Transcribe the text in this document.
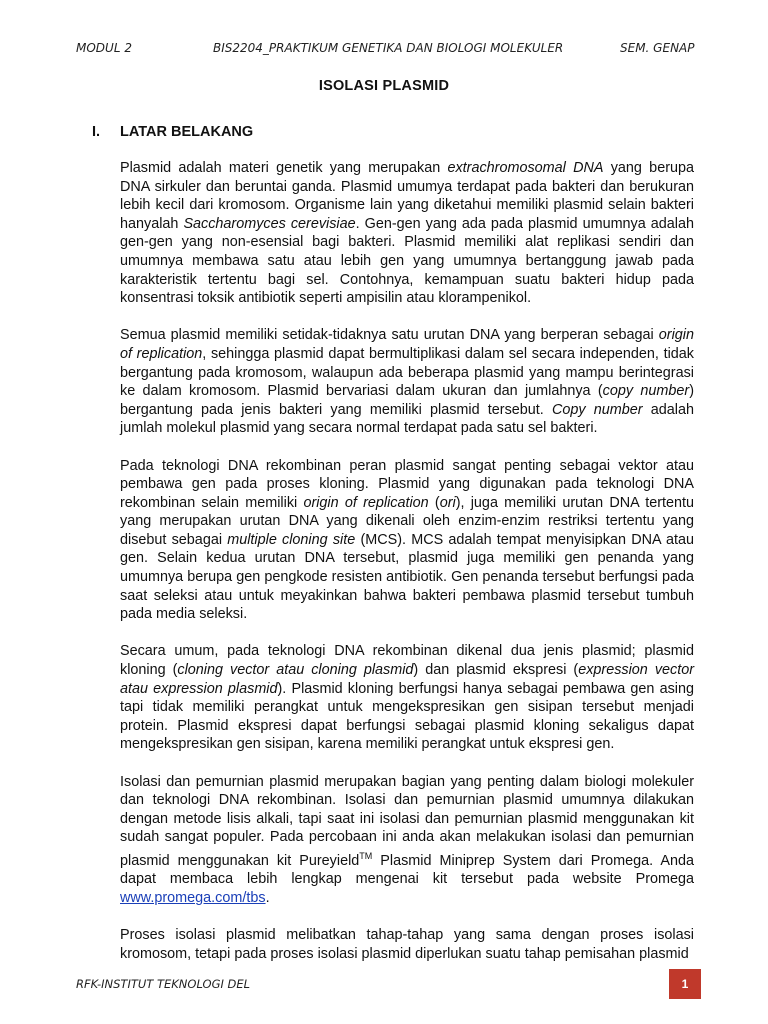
MODUL 2	BIS2204_PRAKTIKUM GENETIKA DAN BIOLOGI MOLEKULER	SEM. GENAP
ISOLASI PLASMID
I. LATAR BELAKANG

Plasmid adalah materi genetik yang merupakan extrachromosomal DNA yang berupa DNA sirkuler dan beruntai ganda. Plasmid umumya terdapat pada bakteri dan berukuran lebih kecil dari kromosom. Organisme lain yang diketahui memiliki plasmid selain bakteri hanyalah Saccharomyces cerevisiae. Gen-gen yang ada pada plasmid umumnya adalah gen-gen yang non-esensial bagi bakteri. Plasmid memiliki alat replikasi sendiri dan umumnya membawa satu atau lebih gen yang umumnya bertanggung jawab pada karakteristik tertentu bagi sel. Contohnya, kemampuan suatu bakteri hidup pada konsentrasi toksik antibiotik seperti ampisilin atau klorampenikol.

Semua plasmid memiliki setidak-tidaknya satu urutan DNA yang berperan sebagai origin of replication, sehingga plasmid dapat bermultiplikasi dalam sel secara independen, tidak bergantung pada kromosom, walaupun ada beberapa plasmid yang mampu berintegrasi ke dalam kromosom. Plasmid bervariasi dalam ukuran dan jumlahnya (copy number) bergantung pada jenis bakteri yang memiliki plasmid tersebut. Copy number adalah jumlah molekul plasmid yang secara normal terdapat pada satu sel bakteri.

Pada teknologi DNA rekombinan peran plasmid sangat penting sebagai vektor atau pembawa gen pada proses kloning. Plasmid yang digunakan pada teknologi DNA rekombinan selain memiliki origin of replication (ori), juga memiliki urutan DNA tertentu yang merupakan urutan DNA yang dikenali oleh enzim-enzim restriksi tertentu yang disebut sebagai multiple cloning site (MCS). MCS adalah tempat menyisipkan DNA atau gen. Selain kedua urutan DNA tersebut, plasmid juga memiliki gen penanda yang umumnya berupa gen pengkode resisten antibiotik. Gen penanda tersebut berfungsi pada saat seleksi atau untuk meyakinkan bahwa bakteri pembawa plasmid tersebut tumbuh pada media seleksi.

Secara umum, pada teknologi DNA rekombinan dikenal dua jenis plasmid; plasmid kloning (cloning vector atau cloning plasmid) dan plasmid ekspresi (expression vector atau expression plasmid). Plasmid kloning berfungsi hanya sebagai pembawa gen asing tapi tidak memiliki perangkat untuk mengekspresikan gen sisipan tersebut menjadi protein. Plasmid ekspresi dapat berfungsi sebagai plasmid kloning sekaligus dapat mengekspresikan gen sisipan, karena memiliki perangkat untuk ekspresi gen.

Isolasi dan pemurnian plasmid merupakan bagian yang penting dalam biologi molekuler dan teknologi DNA rekombinan. Isolasi dan pemurnian plasmid umumnya dilakukan dengan metode lisis alkali, tapi saat ini isolasi dan pemurnian plasmid menggunakan kit sudah sangat populer. Pada percobaan ini anda akan melakukan isolasi dan pemurnian plasmid menggunakan kit Pureyield™ Plasmid Miniprep System dari Promega. Anda dapat membaca lebih lengkap mengenai kit tersebut pada website Promega www.promega.com/tbs.

Proses isolasi plasmid melibatkan tahap-tahap yang sama dengan proses isolasi kromosom, tetapi pada proses isolasi plasmid diperlukan suatu tahap pemisahan plasmid

RFK-INSTITUT TEKNOLOGI DEL	1
